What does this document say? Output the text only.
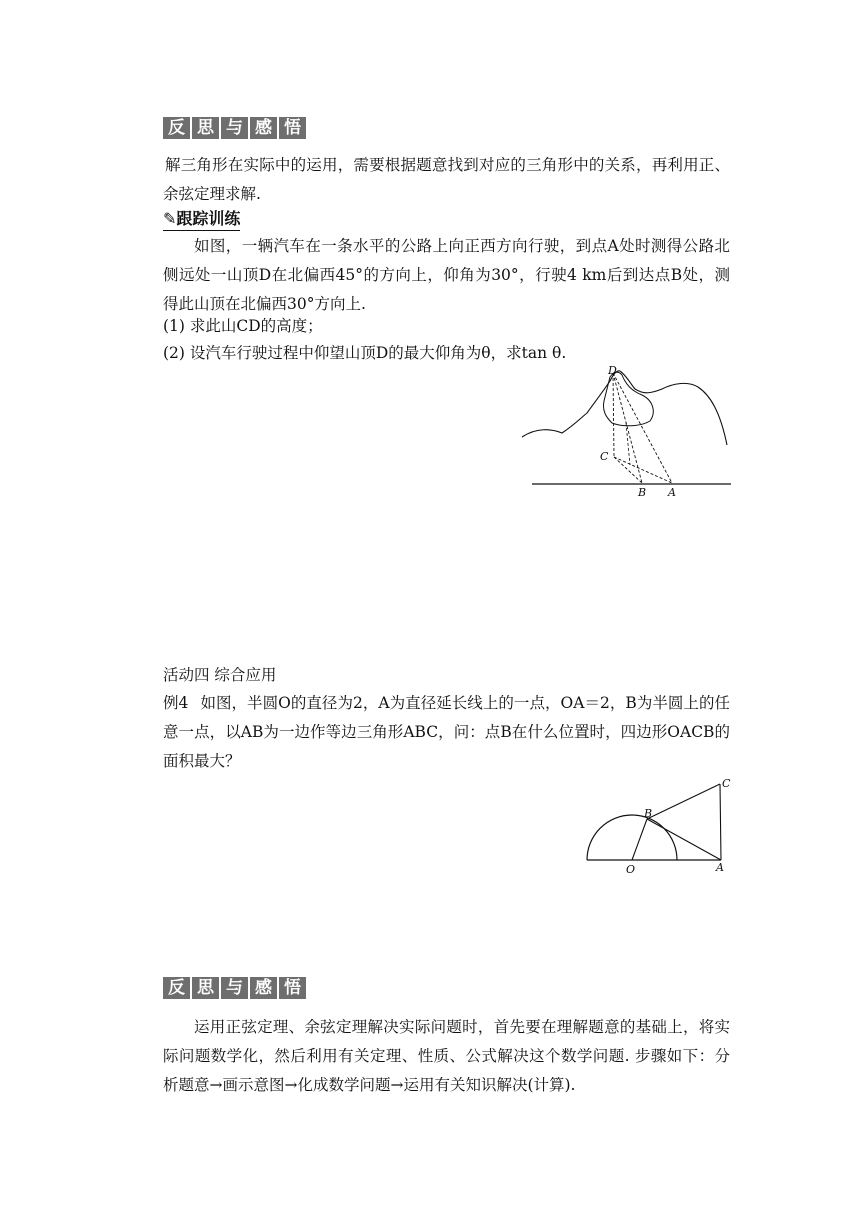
反 思 与 感 悟
解三角形在实际中的运用，需要根据题意找到对应的三角形中的关系，再利用正、余弦定理求解.
✎跟踪训练
如图，一辆汽车在一条水平的公路上向正西方向行驶，到点A处时测得公路北侧远处一山顶D在北偏西45°的方向上，仰角为30°，行驶4 km后到达点B处，测得此山顶在北偏西30°方向上.
(1) 求此山CD的高度；
(2) 设汽车行驶过程中仰望山顶D的最大仰角为θ，求tan θ.
D
C
B A
活动四 综合应用
例4 如图，半圆O的直径为2，A为直径延长线上的一点，OA＝2，B为半圆上的任意一点，以AB为一边作等边三角形ABC，问：点B在什么位置时，四边形OACB的面积最大？
B
C
O	A
反 思 与 感 悟
运用正弦定理、余弦定理解决实际问题时，首先要在理解题意的基础上，将实际问题数学化，然后利用有关定理、性质、公式解决这个数学问题. 步骤如下：分析题意→画示意图→化成数学问题→运用有关知识解决(计算).
